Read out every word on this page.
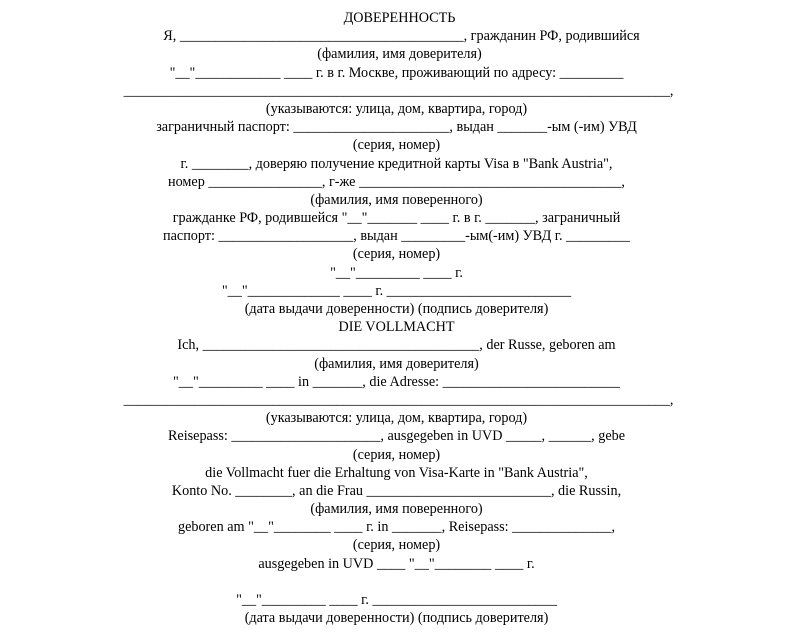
ДОВЕРЕННОСТЬ
Я, ________________________________________, гражданин РФ, родившийся
(фамилия, имя доверителя)
"__"____________ ____ г. в г. Москве, проживающий по адресу: _________
_____________________________________________________________________________,
(указываются: улица, дом, квартира, город)
заграничный паспорт: ______________________, выдан _______-ым (-им) УВД
(серия, номер)
г. ________, доверяю получение кредитной карты Visa в "Bank Austria",
номер ________________, г-же _____________________________________,
(фамилия, имя поверенного)
гражданке РФ, родившейся "__"_______ ____ г. в г. _______, заграничный
паспорт: ___________________, выдан _________-ым(-им) УВД г. _________
(серия, номер)
"__"_________ ____ г.
"__"_____________ ____ г. __________________________
(дата выдачи доверенности) (подпись доверителя)
DIE VOLLMACHT
Ich, _______________________________________, der Russe, geboren am
(фамилия, имя доверителя)
"__"_________ ____ in _______, die Adresse: _________________________
_____________________________________________________________________________,
(указываются: улица, дом, квартира, город)
Reisepass: _____________________, ausgegeben in UVD _____, ______, gebe
(серия, номер)
die Vollmacht fuer die Erhaltung von Visa-Karte in "Bank Austria",
Konto No. ________, an die Frau __________________________, die Russin,
(фамилия, имя поверенного)
geboren am "__"________ ____ г. in _______, Reisepass: ______________,
(серия, номер)
ausgegeben in UVD ____ "__"________ ____ г.
"__"_________ ____ г. __________________________
(дата выдачи доверенности) (подпись доверителя)
